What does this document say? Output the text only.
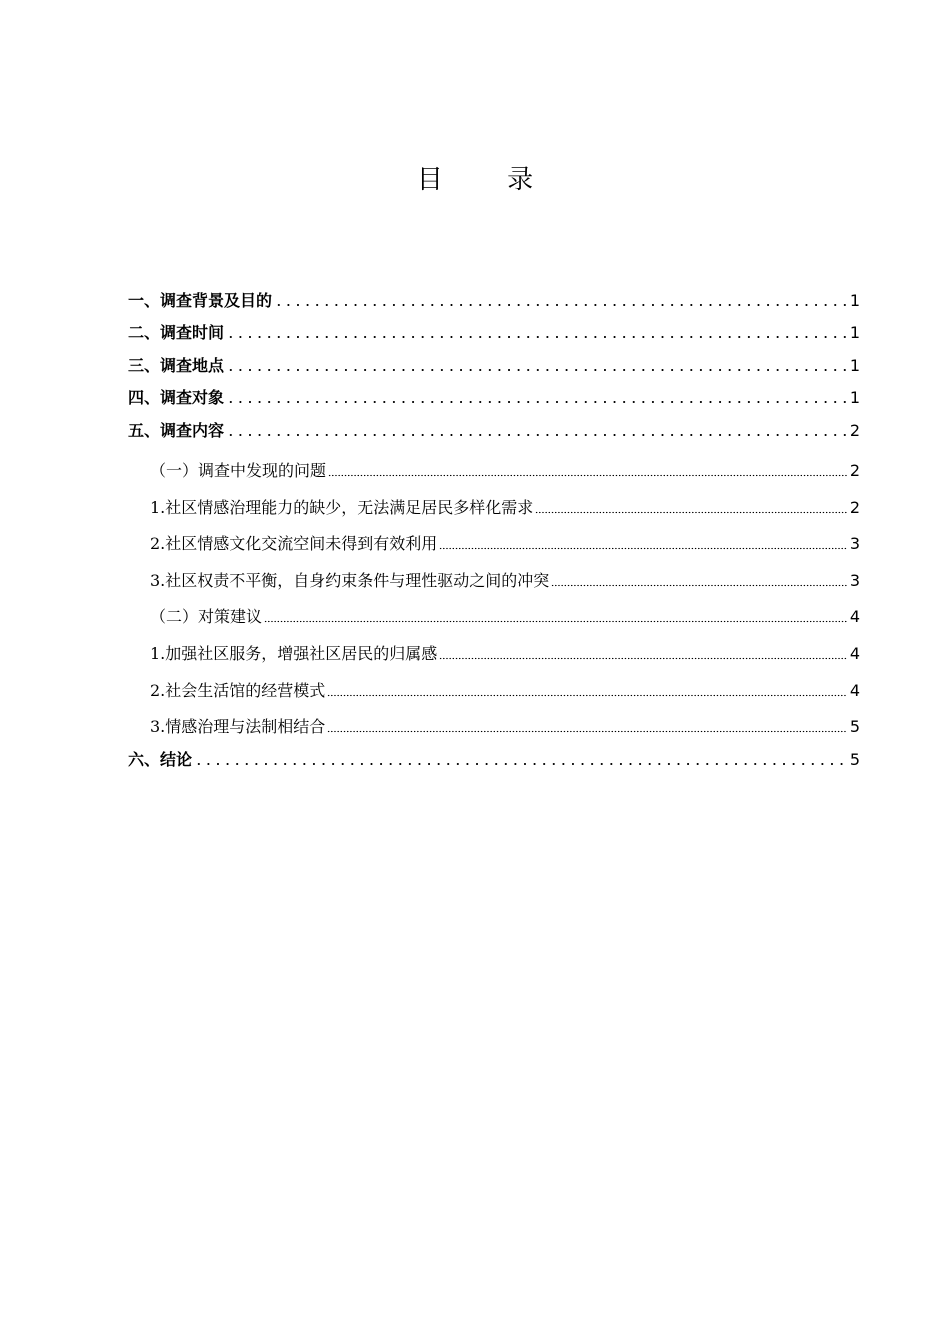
目 录
一、调查背景及目的	1
二、调查时间	1
三、调查地点	1
四、调查对象	1
五、调查内容	2
（一）调查中发现的问题	2
1.社区情感治理能力的缺少，无法满足居民多样化需求	2
2.社区情感文化交流空间未得到有效利用	3
3.社区权责不平衡，自身约束条件与理性驱动之间的冲突	3
（二）对策建议	4
1.加强社区服务，增强社区居民的归属感	4
2.社会生活馆的经营模式	4
3.情感治理与法制相结合	5
六、结论	5
